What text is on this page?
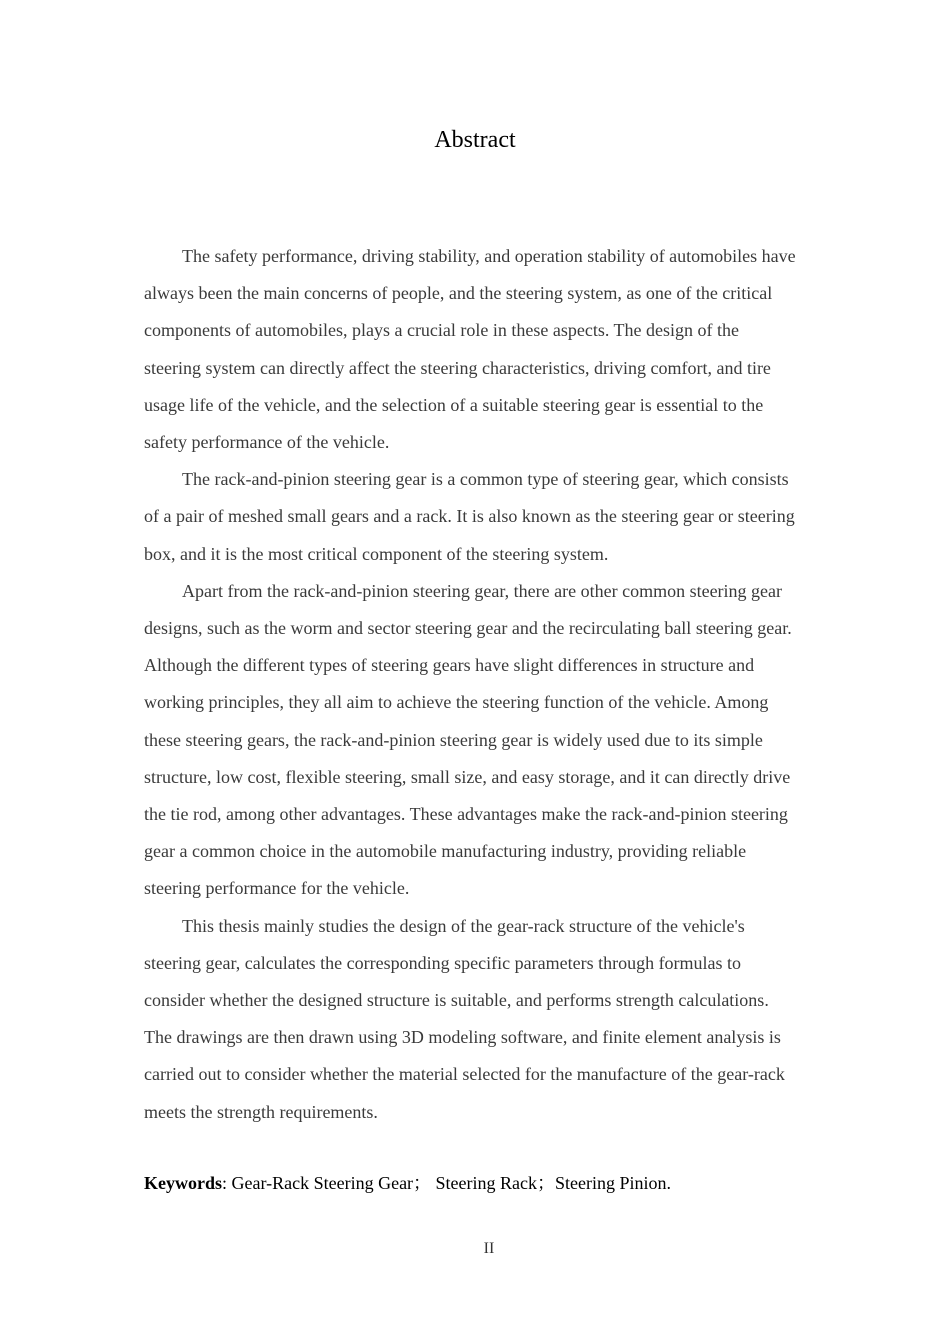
Abstract

The safety performance, driving stability, and operation stability of automobiles have always been the main concerns of people, and the steering system, as one of the critical components of automobiles, plays a crucial role in these aspects. The design of the steering system can directly affect the steering characteristics, driving comfort, and tire usage life of the vehicle, and the selection of a suitable steering gear is essential to the safety performance of the vehicle.

The rack-and-pinion steering gear is a common type of steering gear, which consists of a pair of meshed small gears and a rack. It is also known as the steering gear or steering box, and it is the most critical component of the steering system.

Apart from the rack-and-pinion steering gear, there are other common steering gear designs, such as the worm and sector steering gear and the recirculating ball steering gear. Although the different types of steering gears have slight differences in structure and working principles, they all aim to achieve the steering function of the vehicle. Among these steering gears, the rack-and-pinion steering gear is widely used due to its simple structure, low cost, flexible steering, small size, and easy storage, and it can directly drive the tie rod, among other advantages. These advantages make the rack-and-pinion steering gear a common choice in the automobile manufacturing industry, providing reliable steering performance for the vehicle.

This thesis mainly studies the design of the gear-rack structure of the vehicle's steering gear, calculates the corresponding specific parameters through formulas to consider whether the designed structure is suitable, and performs strength calculations. The drawings are then drawn using 3D modeling software, and finite element analysis is carried out to consider whether the material selected for the manufacture of the gear-rack meets the strength requirements.

Keywords: Gear-Rack Steering Gear； Steering Rack；Steering Pinion.
II
